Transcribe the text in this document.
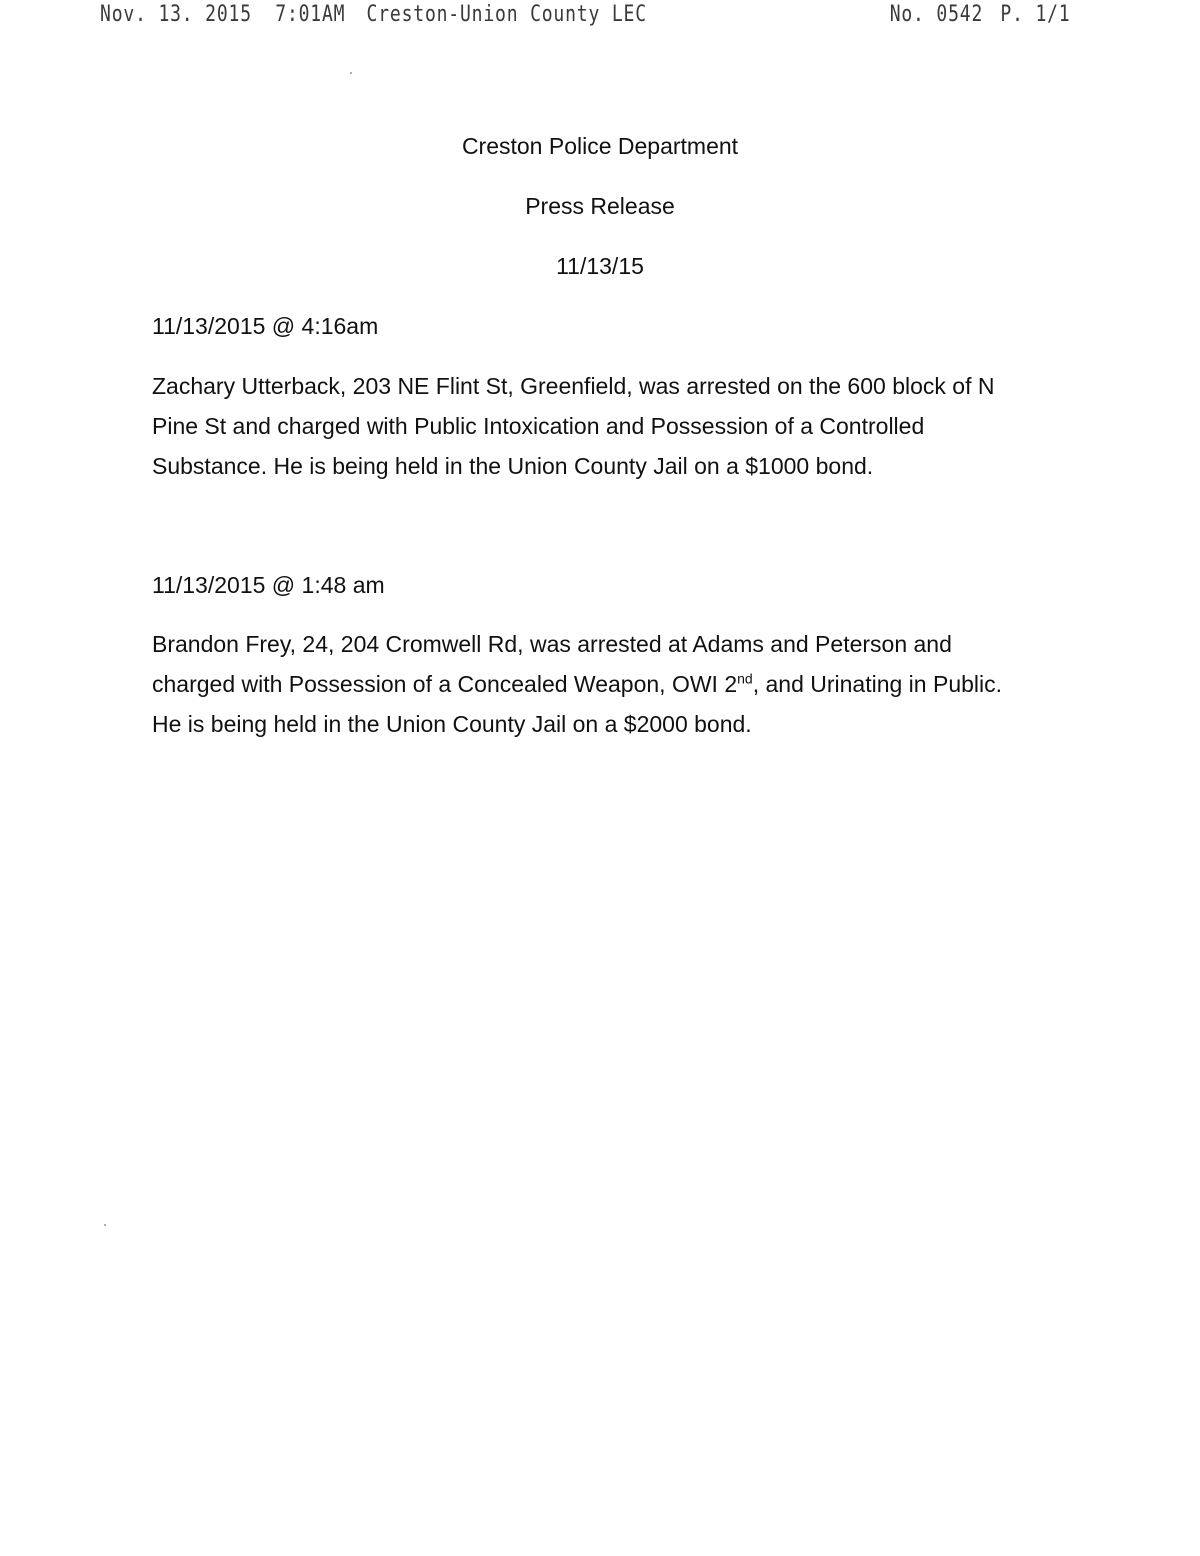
Nov. 13. 2015 7:01AM Creston-Union County LEC	No. 0542 P. 1/1
Creston Police Department
Press Release
11/13/15
11/13/2015 @ 4:16am
Zachary Utterback, 203 NE Flint St, Greenfield, was arrested on the 600 block of N
Pine St and charged with Public Intoxication and Possession of a Controlled
Substance. He is being held in the Union County Jail on a $1000 bond.
11/13/2015 @ 1:48 am
Brandon Frey, 24, 204 Cromwell Rd, was arrested at Adams and Peterson and
charged with Possession of a Concealed Weapon, OWI 2nd, and Urinating in Public.
He is being held in the Union County Jail on a $2000 bond.
